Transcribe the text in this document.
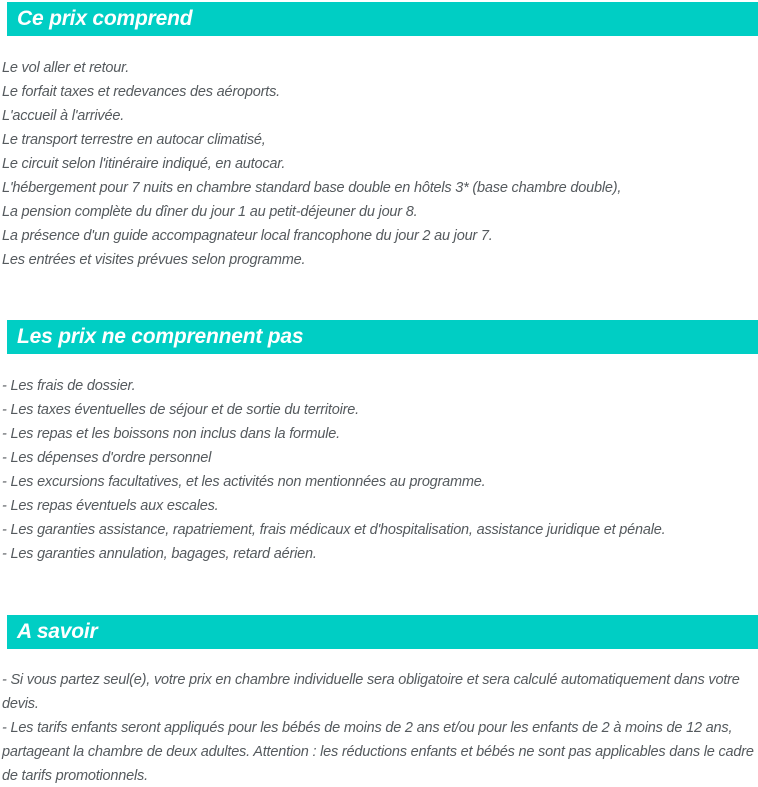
Ce prix comprend

Le vol aller et retour.

Le forfait taxes et redevances des aéroports.

L'accueil à l'arrivée.

Le transport terrestre en autocar climatisé,

Le circuit selon l'itinéraire indiqué, en autocar.

L'hébergement pour 7 nuits en chambre standard base double en hôtels 3* (base chambre double),

La pension complète du dîner du jour 1 au petit-déjeuner du jour 8.

La présence d'un guide accompagnateur local francophone du jour 2 au jour 7.

Les entrées et visites prévues selon programme.

Les prix ne comprennent pas

- Les frais de dossier.

- Les taxes éventuelles de séjour et de sortie du territoire.

- Les repas et les boissons non inclus dans la formule.

- Les dépenses d'ordre personnel

- Les excursions facultatives, et les activités non mentionnées au programme.

- Les repas éventuels aux escales.

- Les garanties assistance, rapatriement, frais médicaux et d'hospitalisation, assistance juridique et pénale.

- Les garanties annulation, bagages, retard aérien.

A savoir

- Si vous partez seul(e), votre prix en chambre individuelle sera obligatoire et sera calculé automatiquement dans votre devis.

- Les tarifs enfants seront appliqués pour les bébés de moins de 2 ans et/ou pour les enfants de 2 à moins de 12 ans, partageant la chambre de deux adultes. Attention : les réductions enfants et bébés ne sont pas applicables dans le cadre de tarifs promotionnels.
